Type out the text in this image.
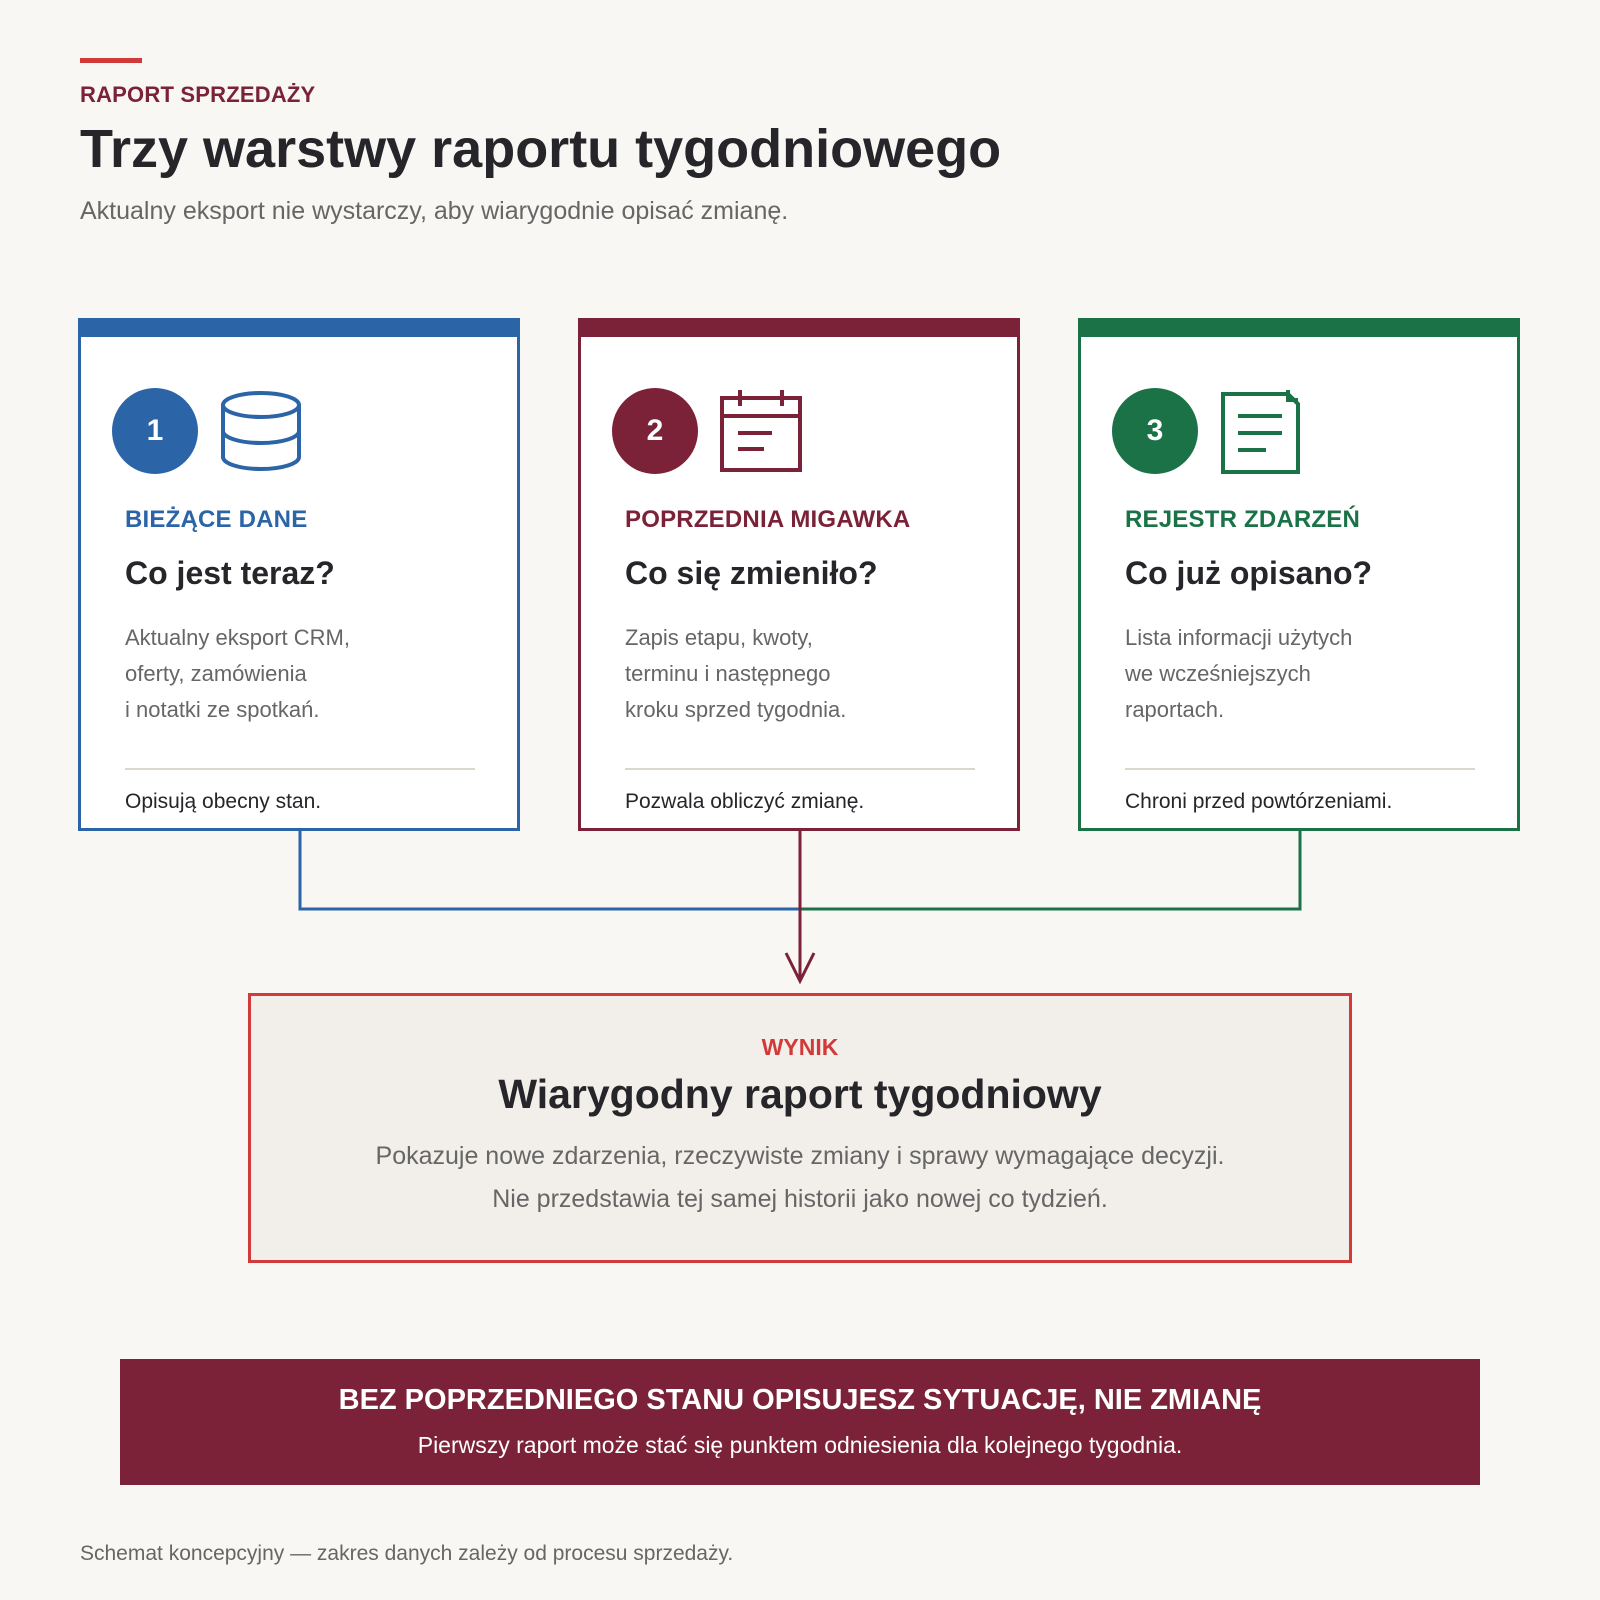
RAPORT SPRZEDAŻY
Trzy warstwy raportu tygodniowego
Aktualny eksport nie wystarczy, aby wiarygodnie opisać zmianę.
1
BIEŻĄCE DANE
Co jest teraz?
Aktualny eksport CRM,
oferty, zamówienia
i notatki ze spotkań.
Opisują obecny stan.
2
POPRZEDNIA MIGAWKA
Co się zmieniło?
Zapis etapu, kwoty,
terminu i następnego
kroku sprzed tygodnia.
Pozwala obliczyć zmianę.
3
REJESTR ZDARZEŃ
Co już opisano?
Lista informacji użytych
we wcześniejszych
raportach.
Chroni przed powtórzeniami.
WYNIK
Wiarygodny raport tygodniowy
Pokazuje nowe zdarzenia, rzeczywiste zmiany i sprawy wymagające decyzji.
Nie przedstawia tej samej historii jako nowej co tydzień.
BEZ POPRZEDNIEGO STANU OPISUJESZ SYTUACJĘ, NIE ZMIANĘ
Pierwszy raport może stać się punktem odniesienia dla kolejnego tygodnia.
Schemat koncepcyjny — zakres danych zależy od procesu sprzedaży.
